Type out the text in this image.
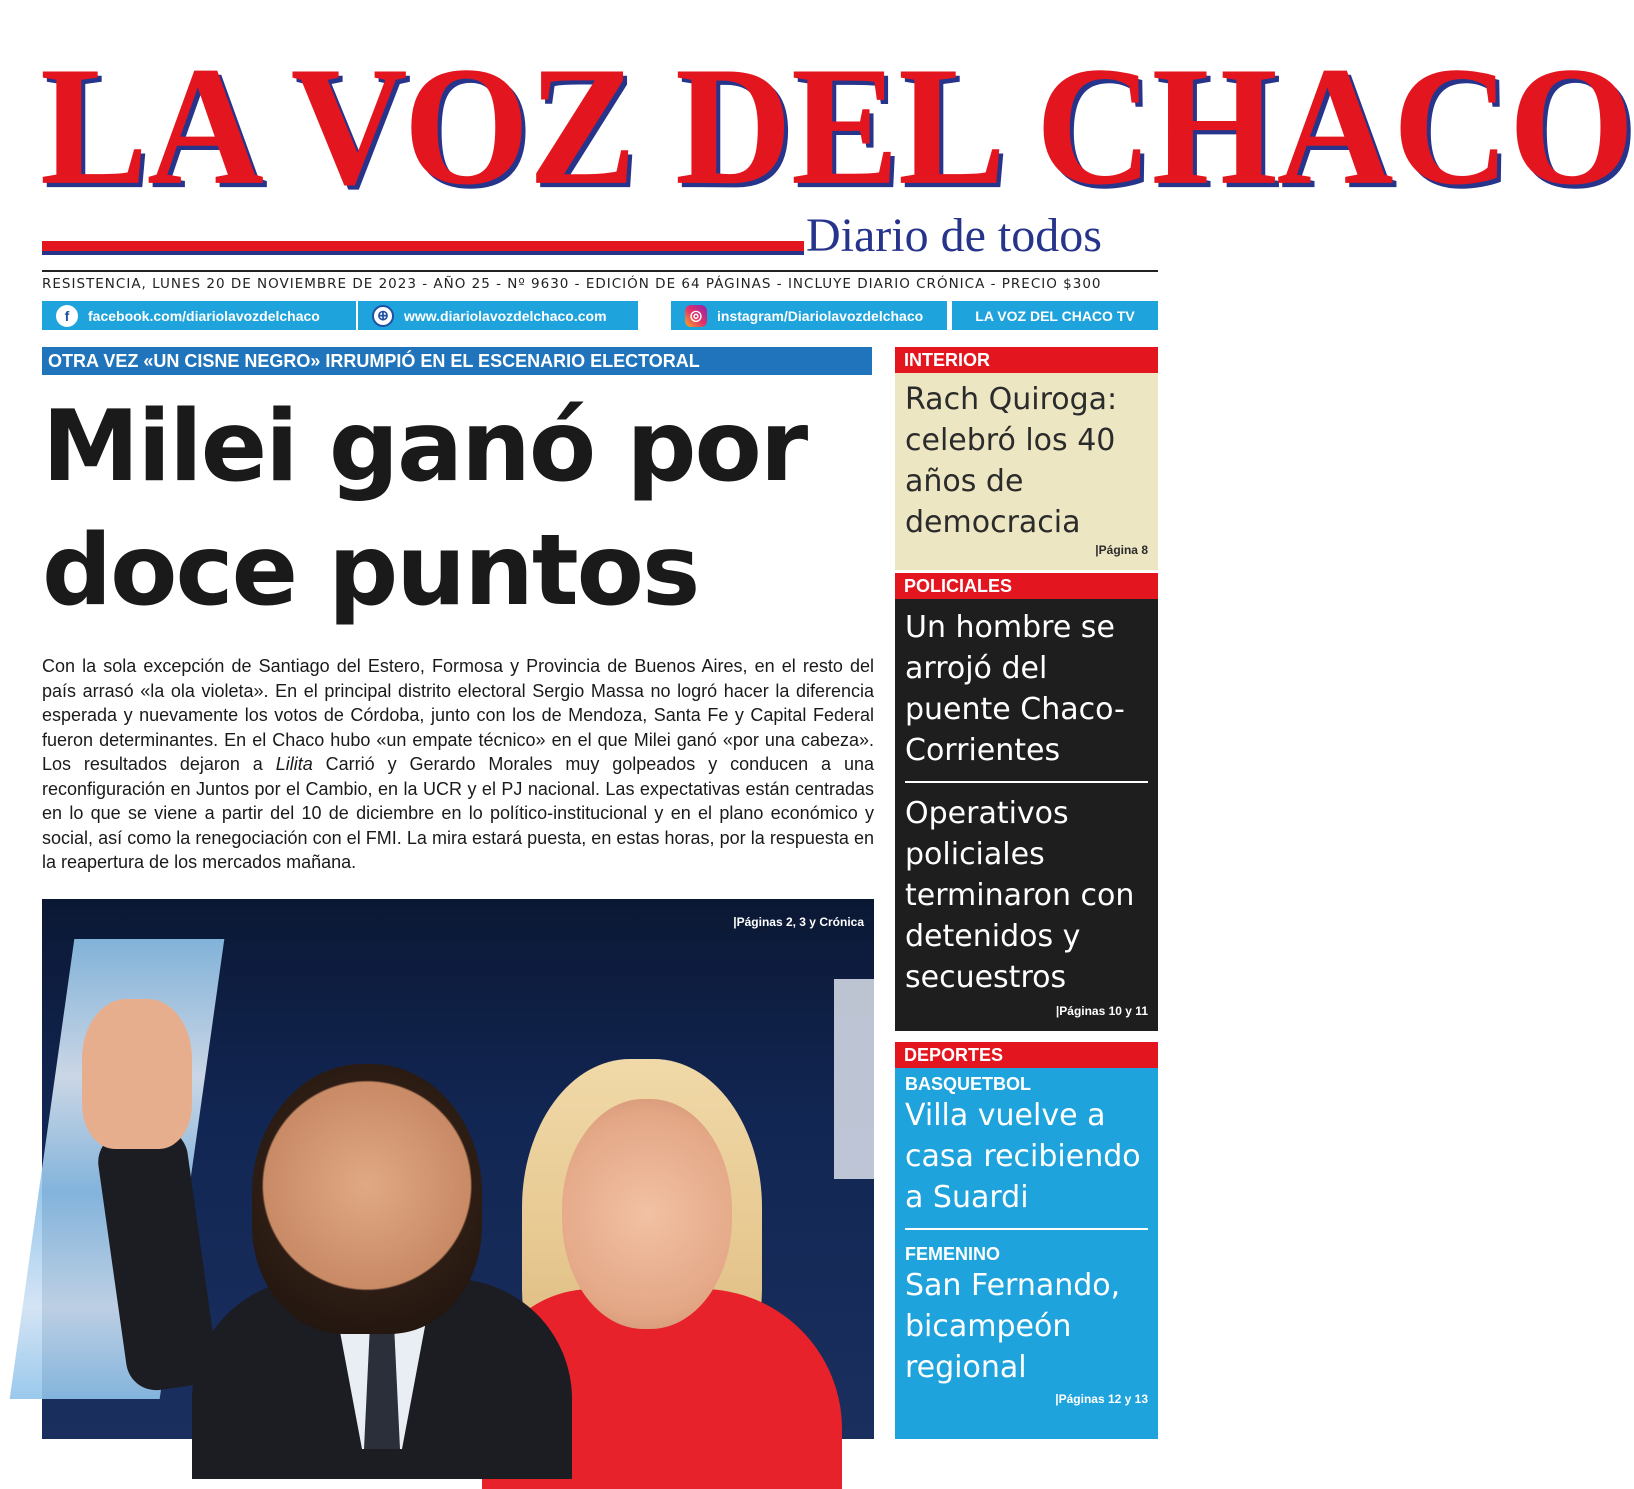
LA VOZ DEL CHACO
Diario de todos
RESISTENCIA, LUNES 20 DE NOVIEMBRE DE 2023 - AÑO 25 - Nº 9630 - EDICIÓN DE 64 PÁGINAS - INCLUYE DIARIO CRÓNICA - PRECIO $300
f	facebook.com/diariolavozdelchaco	⊕	www.diariolavozdelchaco.com	◎	instagram/Diariolavozdelchaco	LA VOZ DEL CHACO TV
OTRA VEZ «UN CISNE NEGRO» IRRUMPIÓ EN EL ESCENARIO ELECTORAL
Milei ganó por
doce puntos
Con la sola excepción de Santiago del Estero, Formosa y Provincia de Buenos Aires, en el resto del país arrasó «la ola violeta». En el principal distrito electoral Sergio Massa no logró hacer la diferencia esperada y nuevamente los votos de Córdoba, junto con los de Mendoza, Santa Fe y Capital Federal fueron determinantes. En el Chaco hubo «un empate técnico» en el que Milei ganó «por una cabeza». Los resultados dejaron a Lilita Carrió y Gerardo Morales muy golpeados y conducen a una reconfiguración en Juntos por el Cambio, en la UCR y el PJ nacional. Las expectativas están centradas en lo que se viene a partir del 10 de diciembre en lo político-institucional y en el plano económico y social, así como la renegociación con el FMI. La mira estará puesta, en estas horas, por la respuesta en la reapertura de los mercados mañana.
|Páginas 2, 3 y Crónica
INTERIOR
Rach Quiroga: celebró los 40 años de democracia
|Página 8
POLICIALES
Un hombre se arrojó del puente Chaco-Corrientes
Operativos policiales terminaron con detenidos y secuestros
|Páginas 10 y 11
DEPORTES
BASQUETBOL
Villa vuelve a casa recibiendo a Suardi
FEMENINO
San Fernando, bicampeón regional
|Páginas 12 y 13
